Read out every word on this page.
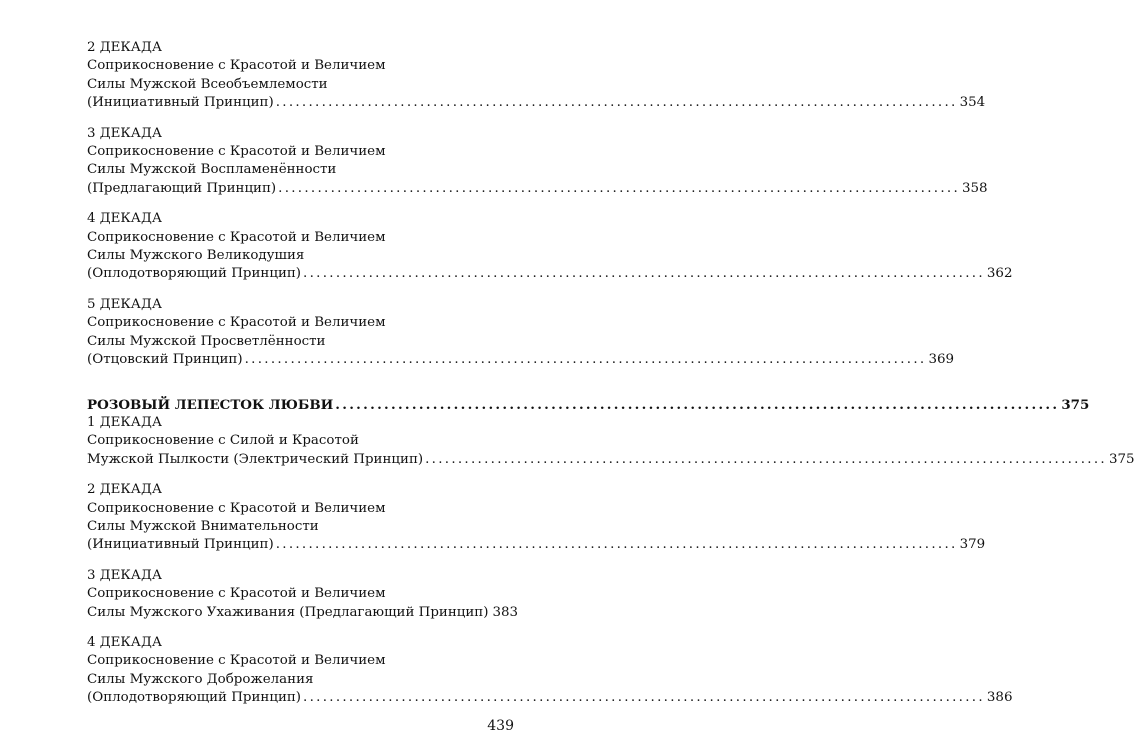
2 ДЕКАДА
Соприкосновение с Красотой и Величием
Силы Мужской Всеобъемлемости
(Инициативный Принцип) ........................................................................................................ 354
3 ДЕКАДА
Соприкосновение с Красотой и Величием
Силы Мужской Воспламенённости
(Предлагающий Принцип) ........................................................................................................ 358
4 ДЕКАДА
Соприкосновение с Красотой и Величием
Силы Мужского Великодушия
(Оплодотворяющий Принцип) ........................................................................................................ 362
5 ДЕКАДА
Соприкосновение с Красотой и Величием
Силы Мужской Просветлённости
(Отцовский Принцип) ........................................................................................................ 369
РОЗОВЫЙ ЛЕПЕСТОК ЛЮБВИ ........................................................................................................ 375
1 ДЕКАДА
Соприкосновение с Силой и Красотой
Мужской Пылкости (Электрический Принцип) ........................................................................................................ 375
2 ДЕКАДА
Соприкосновение с Красотой и Величием
Силы Мужской Внимательности
(Инициативный Принцип) ........................................................................................................ 379
3 ДЕКАДА
Соприкосновение с Красотой и Величием
Силы Мужского Ухаживания (Предлагающий Принцип) 383
4 ДЕКАДА
Соприкосновение с Красотой и Величием
Силы Мужского Доброжелания
(Оплодотворяющий Принцип) ........................................................................................................ 386
439
